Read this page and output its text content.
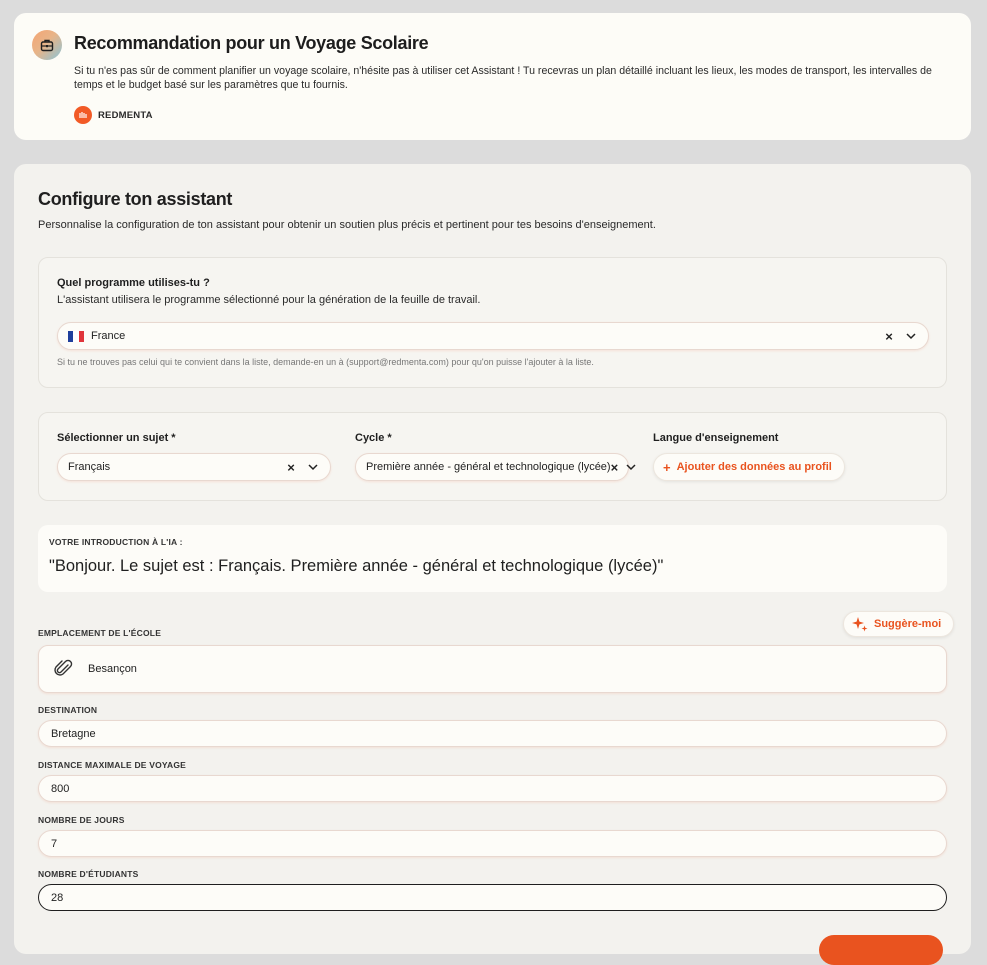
Recommandation pour un Voyage Scolaire
Si tu n'es pas sûr de comment planifier un voyage scolaire, n'hésite pas à utiliser cet Assistant ! Tu recevras un plan détaillé incluant les lieux, les modes de transport, les intervalles de temps et le budget basé sur les paramètres que tu fournis.
REDMENTA
Configure ton assistant
Personnalise la configuration de ton assistant pour obtenir un soutien plus précis et pertinent pour tes besoins d'enseignement.
Quel programme utilises-tu ?
L'assistant utilisera le programme sélectionné pour la génération de la feuille de travail.
France	×
Si tu ne trouves pas celui qui te convient dans la liste, demande-en un à (support@redmenta.com) pour qu'on puisse l'ajouter à la liste.
Sélectionner un sujet *
Français	×
Cycle *
Première année - général et technologique (lycée) ×
Langue d'enseignement
+ Ajouter des données au profil
VOTRE INTRODUCTION À L'IA :
"Bonjour. Le sujet est : Français. Première année - général et technologique (lycée)"
Suggère-moi
EMPLACEMENT DE L'ÉCOLE
Besançon
DESTINATION
Bretagne
DISTANCE MAXIMALE DE VOYAGE
800
NOMBRE DE JOURS
7
NOMBRE D'ÉTUDIANTS
28
